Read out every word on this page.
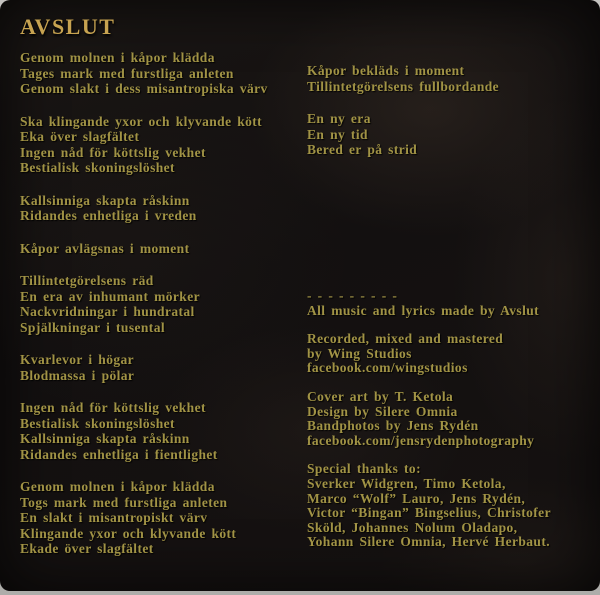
AVSLUT

Genom molnen i kåpor klädda
Tages mark med furstliga anleten
Genom slakt i dess misantropiska värv

Ska klingande yxor och klyvande kött
Eka över slagfältet
Ingen nåd för köttslig vekhet
Bestialisk skoningslöshet

Kallsinniga skapta råskinn
Ridandes enhetliga i vreden

Kåpor avlägsnas i moment

Tillintetgörelsens räd
En era av inhumant mörker
Nackvridningar i hundratal
Spjälkningar i tusental

Kvarlevor i högar
Blodmassa i pölar

Ingen nåd för köttslig vekhet
Bestialisk skoningslöshet
Kallsinniga skapta råskinn
Ridandes enhetliga i fientlighet

Genom molnen i kåpor klädda
Togs mark med furstliga anleten
En slakt i misantropiskt värv
Klingande yxor och klyvande kött
Ekade över slagfältet

Kåpor bekläds i moment
Tillintetgörelsens fullbordande

En ny era
En ny tid
Bered er på strid

- - - - - - - - -
All music and lyrics made by Avslut

Recorded, mixed and mastered
by Wing Studios
facebook.com/wingstudios

Cover art by T. Ketola
Design by Silere Omnia
Bandphotos by Jens Rydén
facebook.com/jensrydenphotography

Special thanks to:
Sverker Widgren, Timo Ketola,
Marco “Wolf” Lauro, Jens Rydén,
Victor “Bingan” Bingselius, Christofer
Sköld, Johannes Nolum Oladapo,
Yohann Silere Omnia, Hervé Herbaut.
